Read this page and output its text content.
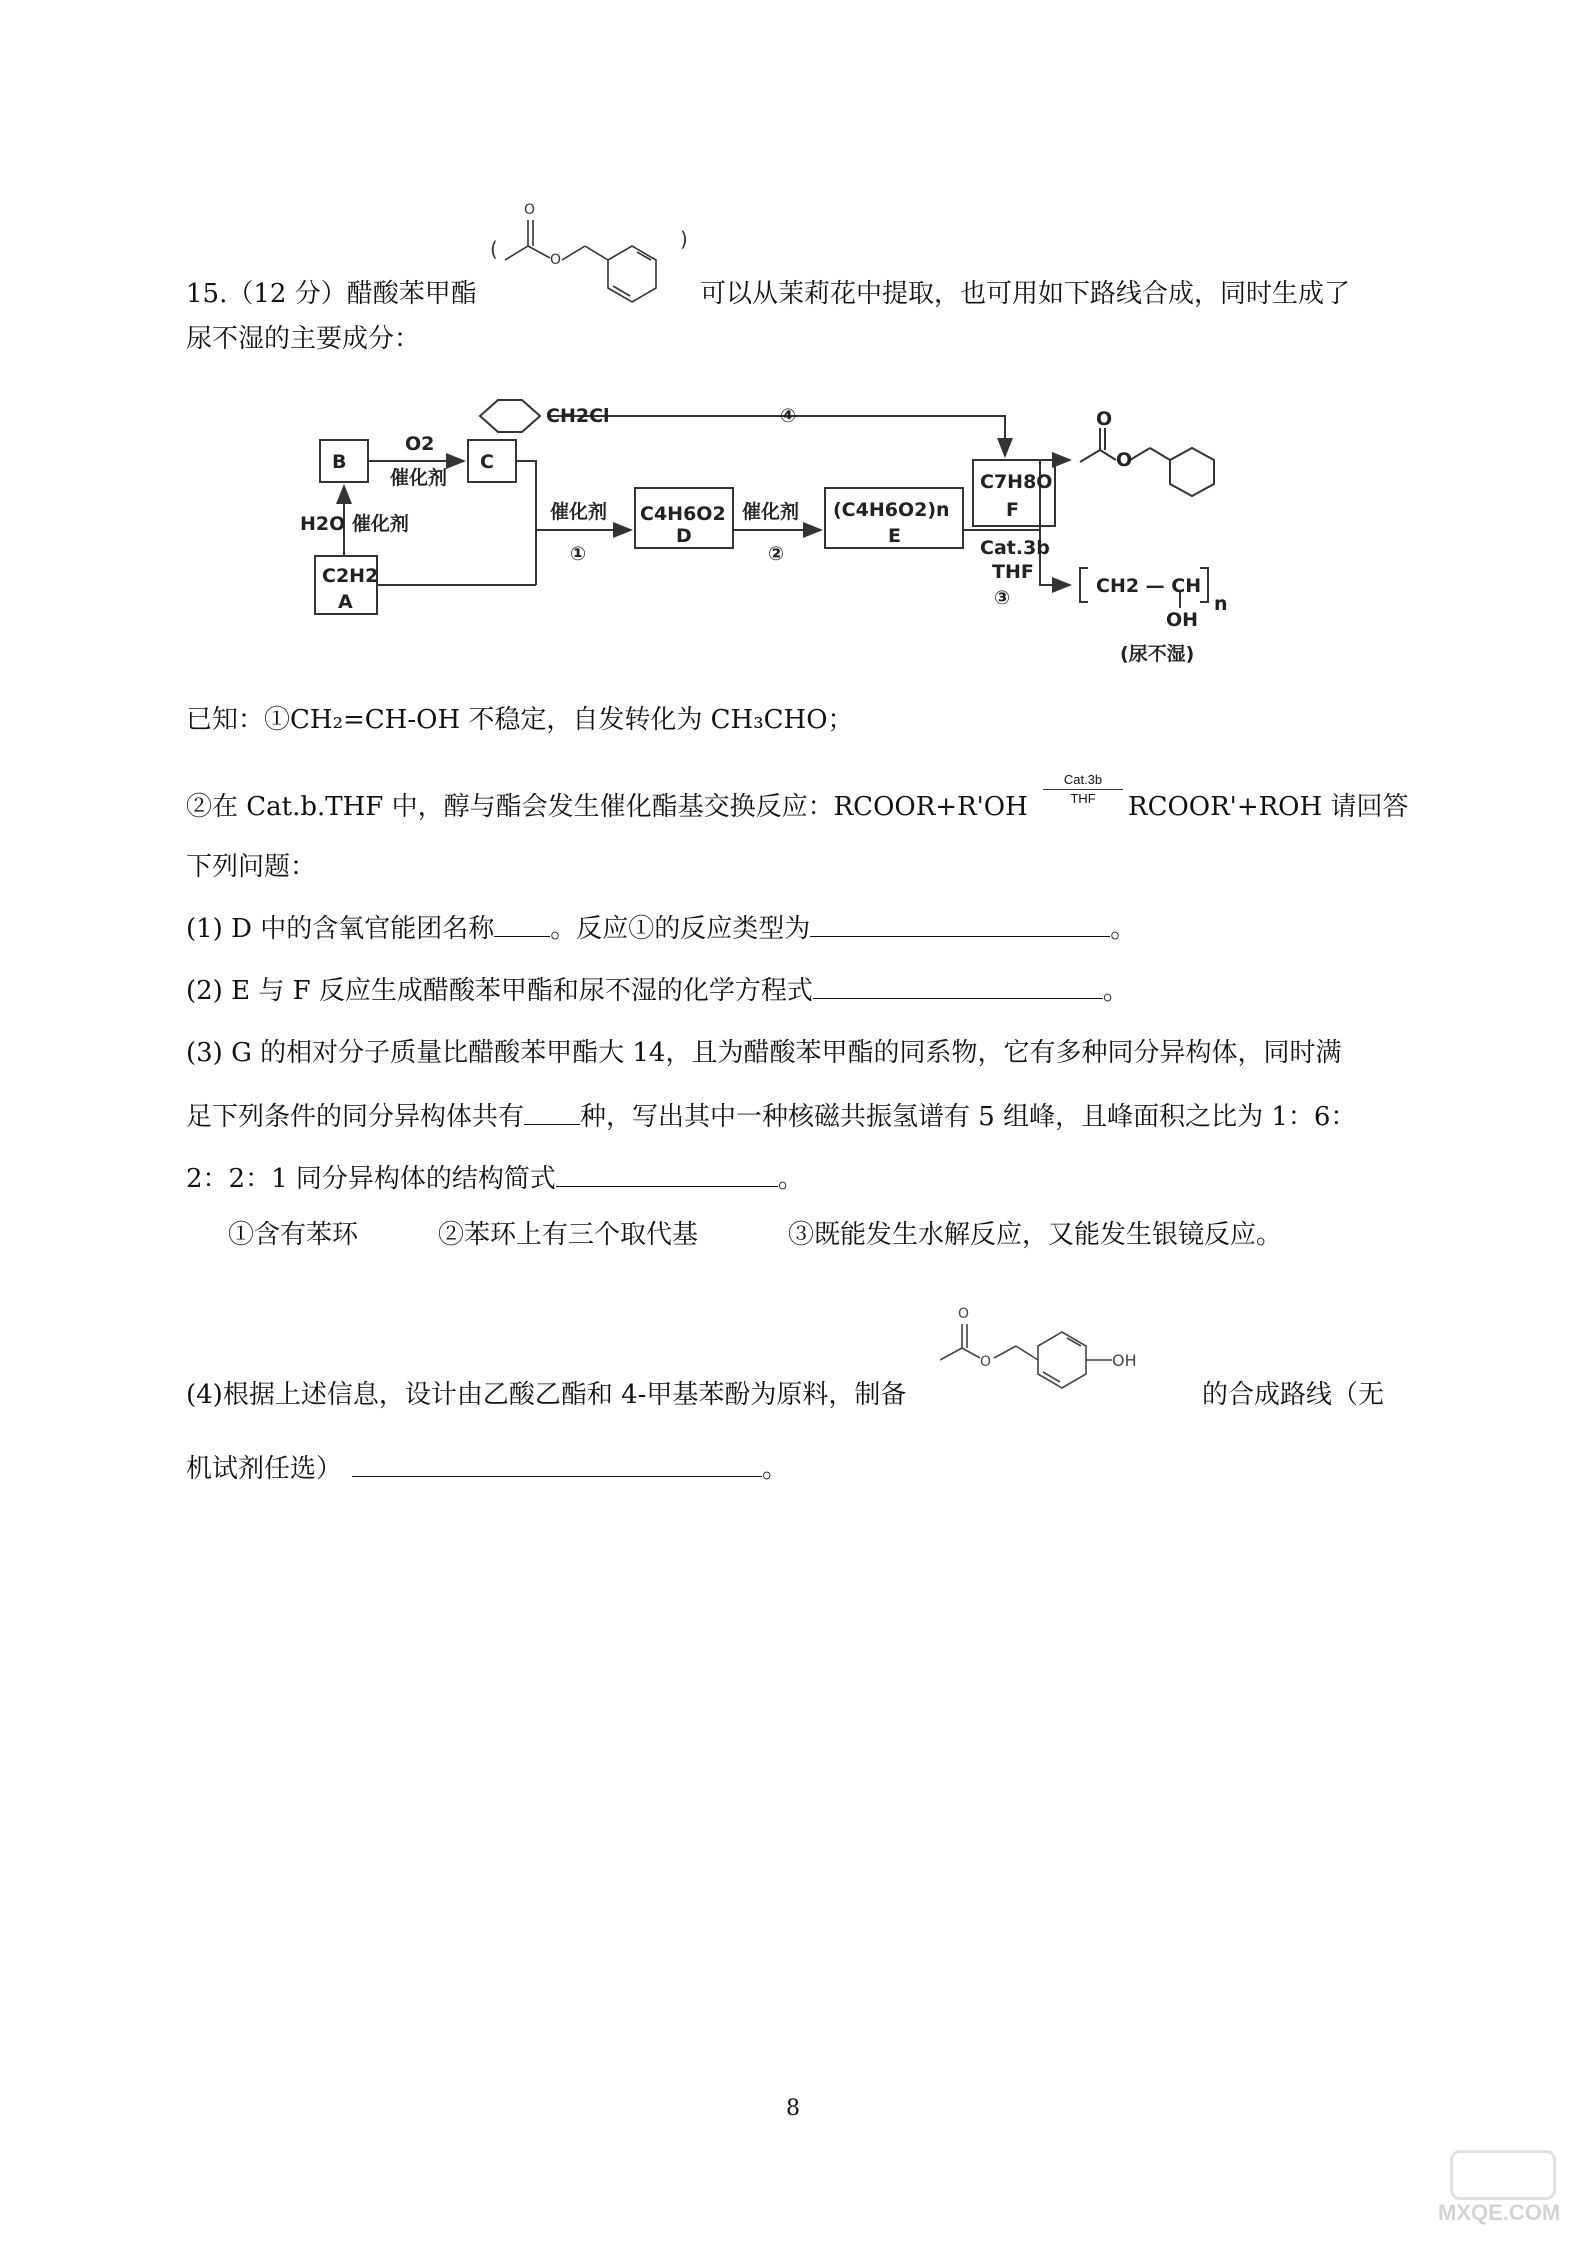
15.（12 分）醋酸苯甲酯
(	)
O
O
可以从茉莉花中提取，也可用如下路线合成，同时生成了
尿不湿的主要成分：
B	C
C2H2
A
H2O 催化剂
O2
催化剂
催化剂
①
C4H6O2
D
催化剂
②
(C4H6O2)n
E
C7H8O
F
④
CH2Cl
Cat.3b
THF
③
O
O
CH2 — CH
OH
n
(尿不湿)
已知：①CH₂=CH-OH 不稳定，自发转化为 CH₃CHO；
②在 Cat.b.THF 中，醇与酯会发生催化酯基交换反应：RCOOR+R'OH
Cat.3b
THF	RCOOR'+ROH 请回答
下列问题：
(1) D 中的含氧官能团名称 。反应①的反应类型为	。
(2) E 与 F 反应生成醋酸苯甲酯和尿不湿的化学方程式	。
(3) G 的相对分子质量比醋酸苯甲酯大 14，且为醋酸苯甲酯的同系物，它有多种同分异构体，同时满
足下列条件的同分异构体共有 种，写出其中一种核磁共振氢谱有 5 组峰，且峰面积之比为 1：6：
2：2：1 同分异构体的结构简式	。
①含有苯环	②苯环上有三个取代基	③既能发生水解反应，又能发生银镜反应。
(4)根据上述信息，设计由乙酸乙酯和 4-甲基苯酚为原料，制备
O
O	OH
的合成路线（无
机试剂任选）	。
8
MXQE.COM
